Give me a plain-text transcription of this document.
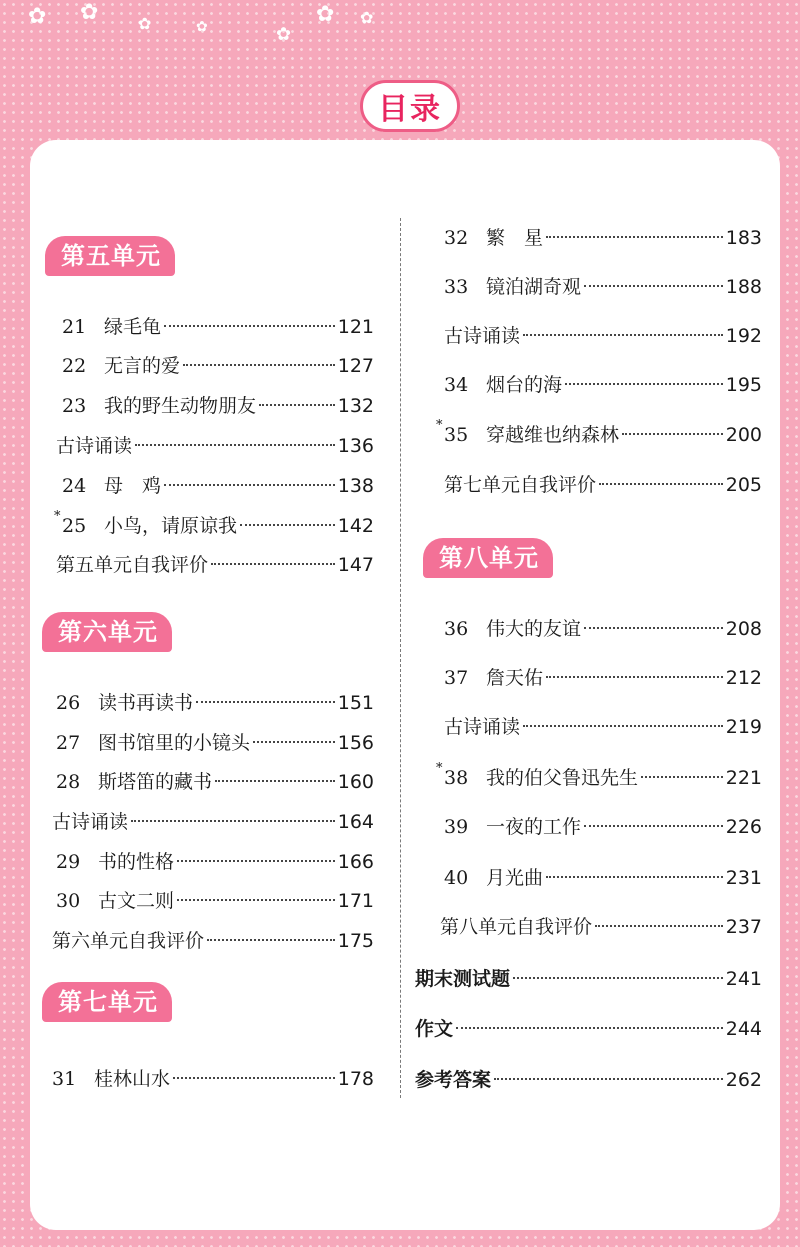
✿ ✿ ✿	✿	✿
✿ ✿
目录
第五单元
第六单元
第七单元
第八单元
21 绿毛龟	121
22 无言的爱	127
23 我的野生动物朋友	132
古诗诵读	136
24 母　鸡	138
* 25 小鸟，请原谅我	142
第五单元自我评价	147
26 读书再读书	151
27 图书馆里的小镜头	156
28 斯塔笛的藏书	160
古诗诵读	164
29 书的性格	166
30 古文二则	171
第六单元自我评价	175
31 桂林山水	178
32 繁　星	183
33 镜泊湖奇观	188
古诗诵读	192
34 烟台的海	195
* 35 穿越维也纳森林	200
第七单元自我评价	205
36 伟大的友谊	208
37 詹天佑	212
古诗诵读	219
* 38 我的伯父鲁迅先生	221
39 一夜的工作	226
40 月光曲	231
第八单元自我评价	237
期末测试题	241
作文	244
参考答案	262
